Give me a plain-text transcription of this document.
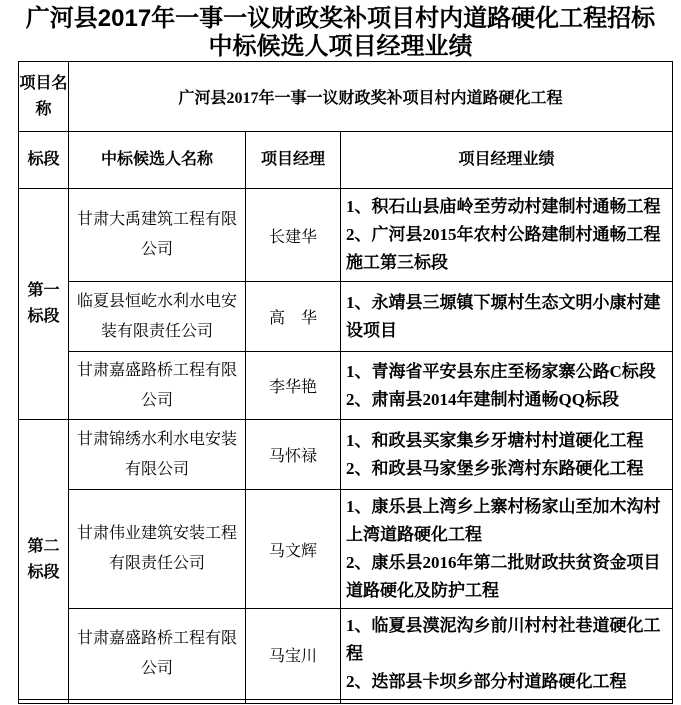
广河县2017年一事一议财政奖补项目村内道路硬化工程招标
中标候选人项目经理业绩
项目名称	广河县2017年一事一议财政奖补项目村内道路硬化工程		
标段	中标候选人名称	项目经理	项目经理业绩
第一标段	甘肃大禹建筑工程有限公司	长建华	1、积石山县庙岭至劳动村建制村通畅工程
2、广河县2015年农村公路建制村通畅工程施工第三标段

	临夏县恒屹水利水电安装有限责任公司	高　华	1、永靖县三塬镇下塬村生态文明小康村建设项目

	甘肃嘉盛路桥工程有限公司	李华艳	1、青海省平安县东庄至杨家寨公路C标段
2、肃南县2014年建制村通畅QQ标段

第二标段	甘肃锦绣水利水电安装有限公司	马怀禄	1、和政县买家集乡牙塘村村道硬化工程
2、和政县马家堡乡张湾村东路硬化工程

	甘肃伟业建筑安装工程有限责任公司	马文辉	1、康乐县上湾乡上寨村杨家山至加木沟村上湾道路硬化工程
2、康乐县2016年第二批财政扶贫资金项目道路硬化及防护工程

	甘肃嘉盛路桥工程有限公司	马宝川	1、临夏县漠泥沟乡前川村村社巷道硬化工程
2、迭部县卡坝乡部分村道路硬化工程
